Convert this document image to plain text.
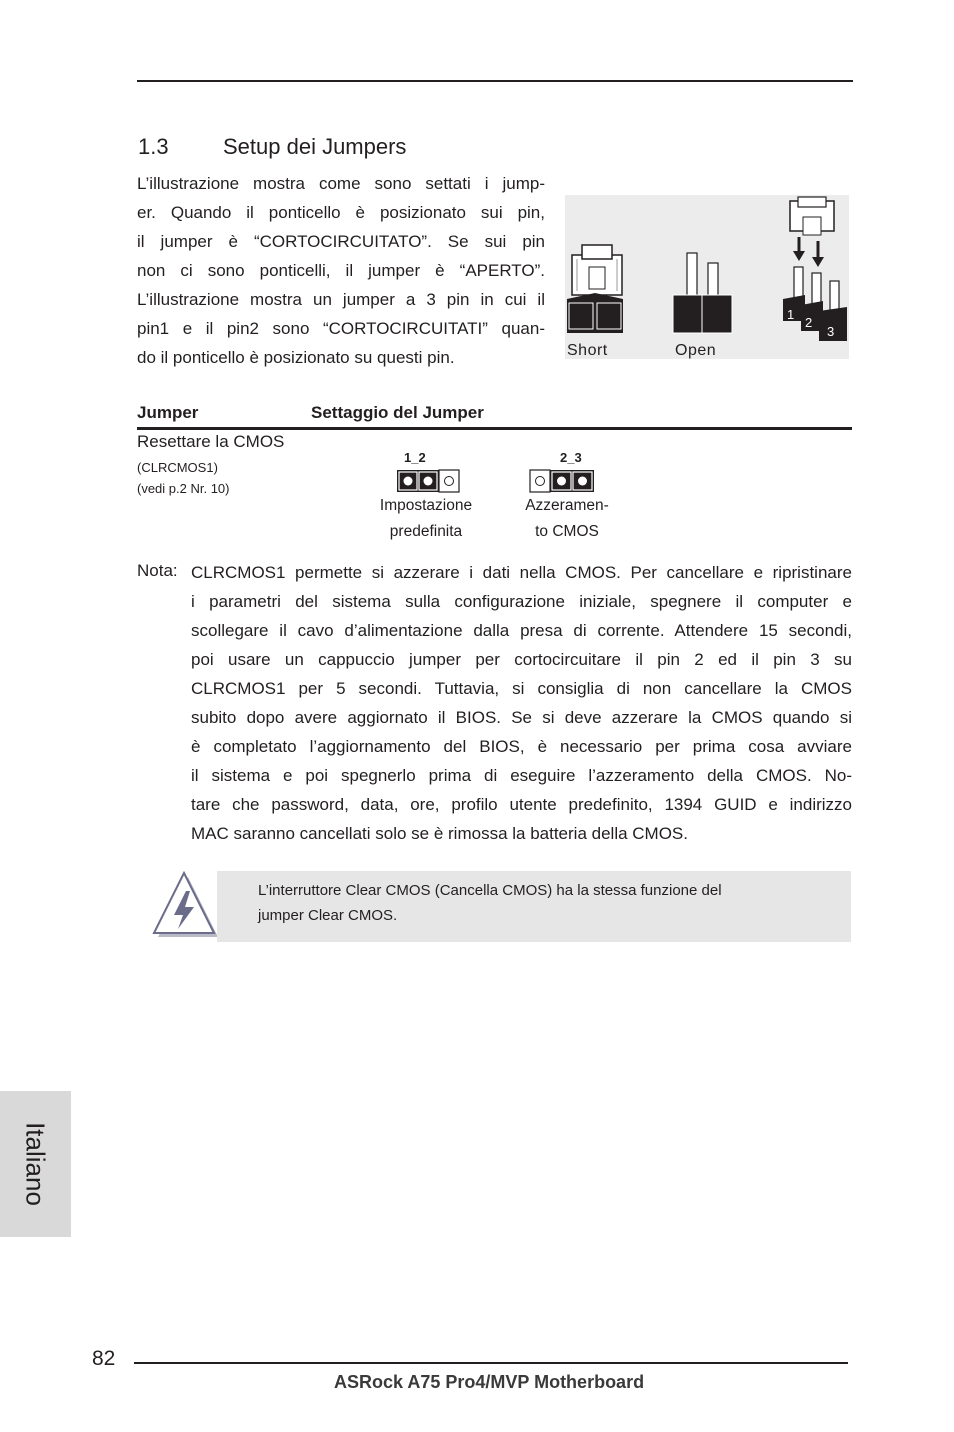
1.3 Setup dei Jumpers
L’illustrazione mostra come sono settati i jump-
er. Quando il ponticello è posizionato sui pin,
il jumper è “CORTOCIRCUITATO”. Se sui pin
non ci sono ponticelli, il jumper è “APERTO”.
L’illustrazione mostra un jumper a 3 pin in cui il
pin1 e il pin2 sono “CORTOCIRCUITATI” quan-
do il ponticello è posizionato su questi pin.
1
2
3
Short	Open
Jumper	Settaggio del Jumper
Resettare la CMOS
(CLRCMOS1)
(vedi p.2 Nr. 10)
1_2
Impostazione
predefinita
2_3
Azzeramen-
to CMOS
Nota: CLRCMOS1 permette si azzerare i dati nella CMOS. Per cancellare e ripristinare
i parametri del sistema sulla configurazione iniziale, spegnere il computer e
scollegare il cavo d’alimentazione dalla presa di corrente. Attendere 15 secondi,
poi usare un cappuccio jumper per cortocircuitare il pin 2 ed il pin 3 su
CLRCMOS1 per 5 secondi. Tuttavia, si consiglia di non cancellare la CMOS
subito dopo avere aggiornato il BIOS. Se si deve azzerare la CMOS quando si
è completato l’aggiornamento del BIOS, è necessario per prima cosa avviare
il sistema e poi spegnerlo prima di eseguire l’azzeramento della CMOS. No-
tare che password, data, ore, profilo utente predefinito, 1394 GUID e indirizzo
MAC saranno cancellati solo se è rimossa la batteria della CMOS.
L’interruttore Clear CMOS (Cancella CMOS) ha la stessa funzione del
jumper Clear CMOS.
Italiano
82
ASRock A75 Pro4/MVP Motherboard
